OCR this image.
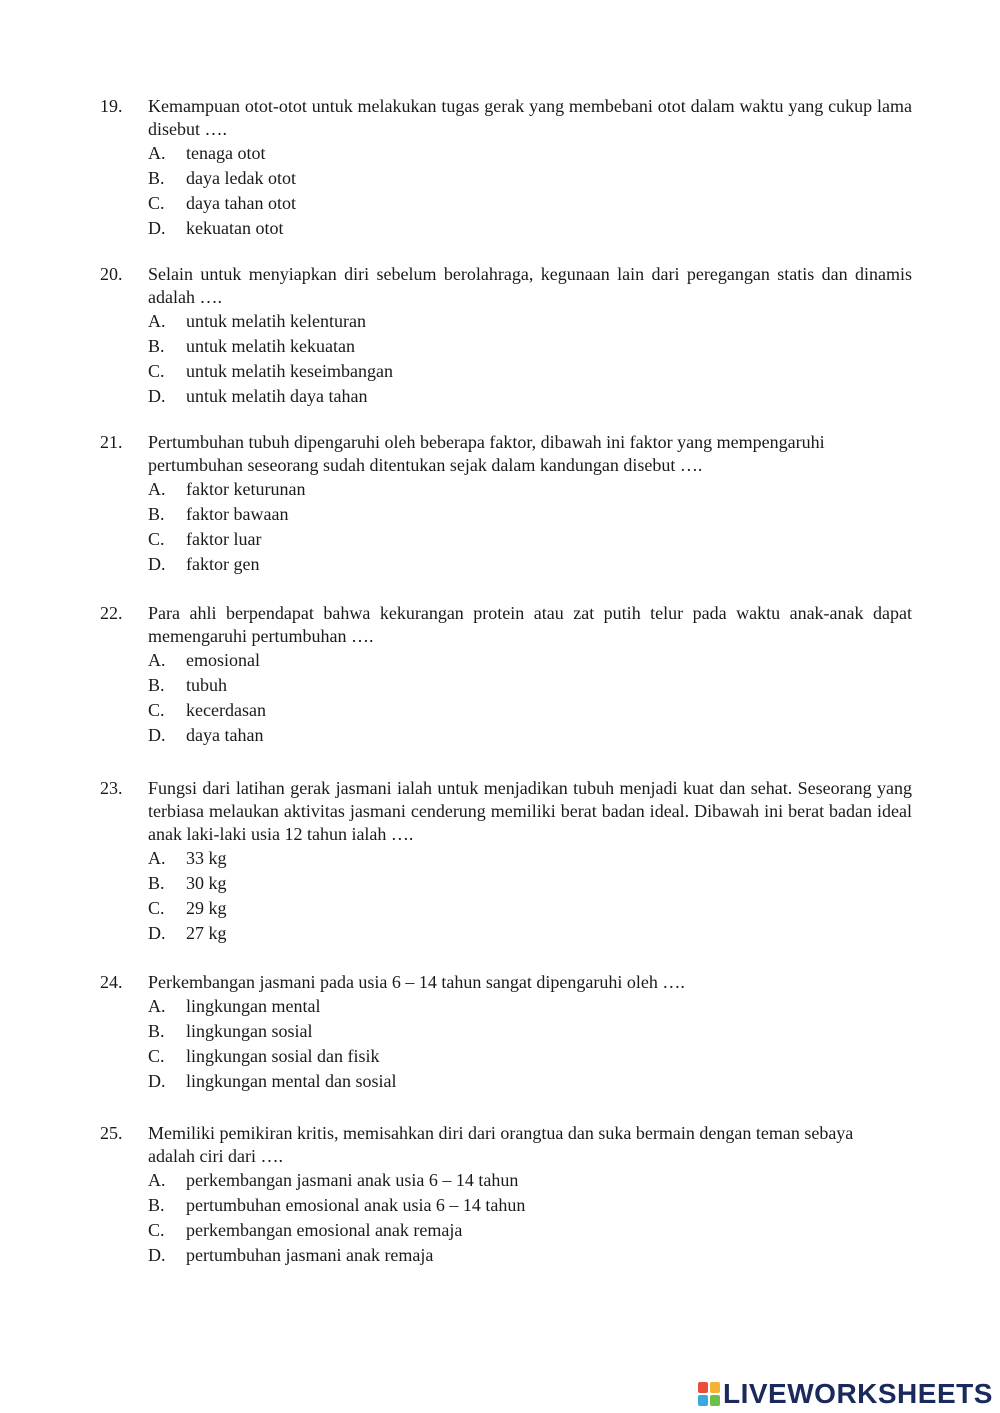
19.	Kemampuan otot-otot untuk melakukan tugas gerak yang membebani otot dalam waktu yang cukup lama disebut ….
A.	tenaga otot
B.	daya ledak otot
C.	daya tahan otot
D.	kekuatan otot
20.	Selain untuk menyiapkan diri sebelum berolahraga, kegunaan lain dari peregangan statis dan dinamis adalah ….
A.	untuk melatih kelenturan
B.	untuk melatih kekuatan
C.	untuk melatih keseimbangan
D.	untuk melatih daya tahan
21.	Pertumbuhan tubuh dipengaruhi oleh beberapa faktor, dibawah ini faktor yang mempengaruhi pertumbuhan seseorang sudah ditentukan sejak dalam kandungan disebut ….
A.	faktor keturunan
B.	faktor bawaan
C.	faktor luar
D.	faktor gen
22.	Para ahli berpendapat bahwa kekurangan protein atau zat putih telur pada waktu anak-anak dapat memengaruhi pertumbuhan ….
A.	emosional
B.	tubuh
C.	kecerdasan
D.	daya tahan
23.	Fungsi dari latihan gerak jasmani ialah untuk menjadikan tubuh menjadi kuat dan sehat. Seseorang yang terbiasa melaukan aktivitas jasmani cenderung memiliki berat badan ideal. Dibawah ini berat badan ideal anak laki-laki usia 12 tahun ialah ….
A.	33 kg
B.	30 kg
C.	29 kg
D.	27 kg
24.	Perkembangan jasmani pada usia 6 – 14 tahun sangat dipengaruhi oleh ….
A.	lingkungan mental
B.	lingkungan sosial
C.	lingkungan sosial dan fisik
D.	lingkungan mental dan sosial
25.	Memiliki pemikiran kritis, memisahkan diri dari orangtua dan suka bermain dengan teman sebaya adalah ciri dari ….
A.	perkembangan jasmani anak usia 6 – 14 tahun
B.	pertumbuhan emosional anak usia 6 – 14 tahun
C.	perkembangan emosional anak remaja
D.	pertumbuhan jasmani anak remaja
LIVEWORKSHEETS
